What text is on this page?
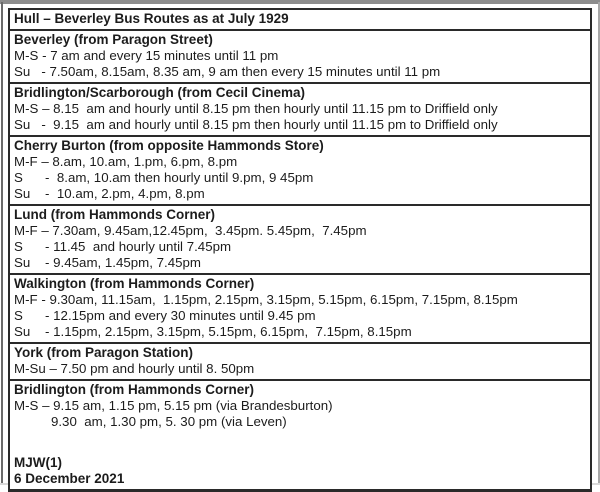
Hull – Beverley Bus Routes as at July 1929
Beverley (from Paragon Street)
M-S - 7 am and every 15 minutes until 11 pm
Su   - 7.50am, 8.15am, 8.35 am, 9 am then every 15 minutes until 11 pm
Bridlington/Scarborough (from Cecil Cinema)
M-S – 8.15  am and hourly until 8.15 pm then hourly until 11.15 pm to Driffield only
Su   -  9.15  am and hourly until 8.15 pm then hourly until 11.15 pm to Driffield only
Cherry Burton (from opposite Hammonds Store)
M-F – 8.am, 10.am, 1.pm, 6.pm, 8.pm
S      -  8.am, 10.am then hourly until 9.pm, 9 45pm
Su    -  10.am, 2.pm, 4.pm, 8.pm
Lund (from Hammonds Corner)
M-F – 7.30am, 9.45am,12.45pm,  3.45pm. 5.45pm,  7.45pm
S      - 11.45  and hourly until 7.45pm
Su    - 9.45am, 1.45pm, 7.45pm
Walkington (from Hammonds Corner)
M-F - 9.30am, 11.15am,  1.15pm, 2.15pm, 3.15pm, 5.15pm, 6.15pm, 7.15pm, 8.15pm
S      - 12.15pm and every 30 minutes until 9.45 pm
Su    - 1.15pm, 2.15pm, 3.15pm, 5.15pm, 6.15pm,  7.15pm, 8.15pm
York (from Paragon Station)
M-Su – 7.50 pm and hourly until 8. 50pm
Bridlington (from Hammonds Corner)
M-S – 9.15 am, 1.15 pm, 5.15 pm (via Brandesburton)
9.30  am, 1.30 pm, 5. 30 pm (via Leven)
MJW(1)
6 December 2021
